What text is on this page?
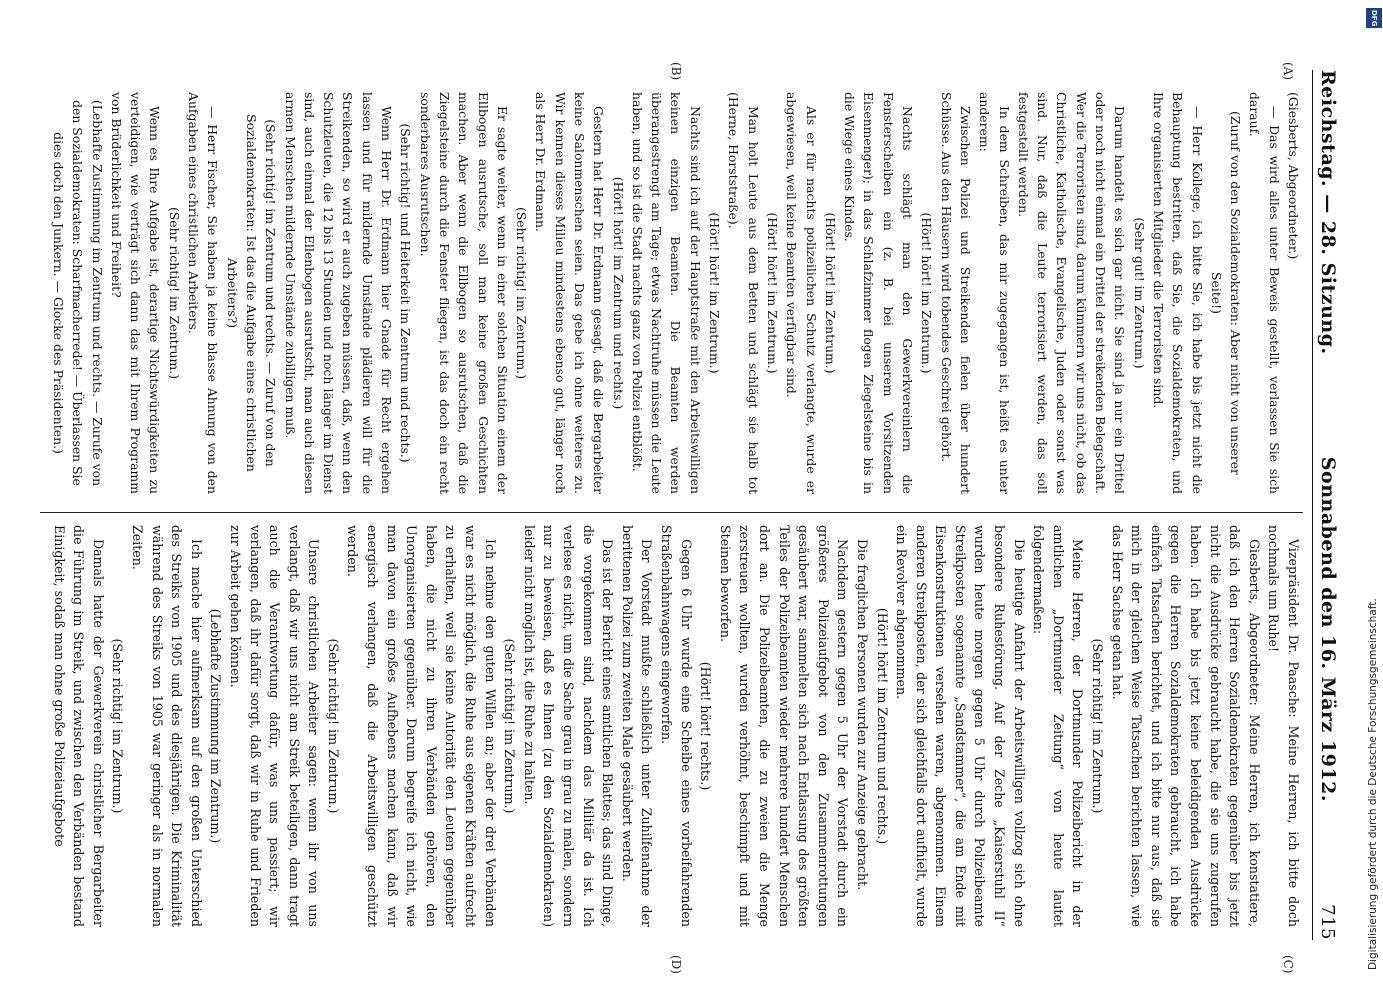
Reichstag. — 28. Sitzung.
Sonnabend den 16. März 1912.
715
(A)
(B)
(C)
(D)

(Giesberts, Abgeordneter.)

— Das wird alles unter Beweis gestellt, verlassen Sie sich darauf.

(Zuruf von den Sozialdemokraten: Aber nicht von unserer Seite!)

— Herr Kollege, ich bitte Sie, ich habe bis jetzt nicht die Behauptung bestritten, daß Sie, die Sozialdemokraten, und Ihre organisierten Mitglieder die Terroristen sind.

(Sehr gut! im Zentrum.)

Darum handelt es sich gar nicht. Sie sind ja nur ein Drittel oder noch nicht einmal ein Drittel der streikenden Belegschaft. Wer die Terroristen sind, darum kümmern wir uns nicht, ob das Christliche, Katholische, Evangelische, Juden oder sonst was sind. Nur, daß die Leute terrorisiert werden, das soll festgestellt werden.

In dem Schreiben, das mir zugegangen ist, heißt es unter anderem:

Zwischen Polizei und Streikenden fielen über hundert Schüsse. Aus den Häusern wird tobendes Geschrei gehört.

(Hört! hört! im Zentrum.)

Nachts schlägt man den Gewerkvereinlern die Fensterscheiben ein (z. B. bei unserem Vorsitzenden Eisenmenger); in das Schlafzimmer flogen Ziegelsteine bis in die Wiege eines Kindes.

(Hört! hört! im Zentrum.)

Als er für nachts polizeilichen Schutz verlangte, wurde er abgewiesen, weil keine Beamten verfügbar sind.

(Hört! hört! im Zentrum.)

Man holt Leute aus dem Betten und schlägt sie halb tot (Herne, Horststraße).

(Hört! hört! im Zentrum.)

Nachts sind ich auf der Hauptstraße mit den Arbeitswilligen keinen einzigen Beamten. Die Beamten werden überangestrengt am Tage; etwas Nachtruhe müssen die Leute haben, und so ist die Stadt nachts ganz von Polizei entblößt.

(Hört! hört! im Zentrum und rechts.)

Gestern hat Herr Dr. Erdmann gesagt, daß die Bergarbeiter keine Salonmenschen seien. Das gebe ich ohne weiteres zu. Wir kennen dieses Milieu mindestens ebenso gut, länger noch als Herr Dr. Erdmann.

(Sehr richtig! im Zentrum.)

Er sagte weiter, wenn in einer solchen Situation einem der Ellbogen ausrutsche, soll man keine großen Geschichten machen. Aber wenn die Ellbogen so ausrutschen, daß die Ziegelsteine durch die Fenster fliegen, ist das doch ein recht sonderbares Ausrutschen.

(Sehr richtig! und Heiterkeit im Zentrum und rechts.)

Wenn Herr Dr. Erdmann hier Gnade für Recht ergehen lassen und für mildernde Umstände plädieren will für die Streikenden, so wird er auch zugeben müssen, daß, wenn den Schutzleuten, die 12 bis 13 Stunden und noch länger im Dienst sind, auch einmal der Ellenbogen ausrutscht, man auch diesen armen Menschen mildernde Umstände zubilligen muß.

(Sehr richtig! im Zentrum und rechts. — Zuruf von den Sozialdemokraten: Ist das die Aufgabe eines christlichen Arbeiters?)

— Herr Fischer, Sie haben ja keine blasse Ahnung von den Aufgaben eines christlichen Arbeiters.

(Sehr richtig! im Zentrum.)

Wenn es Ihre Aufgabe ist, derartige Nichtswürdigkeiten zu verteidigen, wie verträgt sich dann das mit Ihrem Programm von Brüderlichkeit und Freiheit?

(Lebhafte Zustimmung im Zentrum und rechts. — Zurufe von den Sozialdemokraten: Scharfmacherrede! — Überlassen Sie dies doch den Junkern. — Glocke des Präsidenten.)

Vizepräsident Dr. Paasche: Meine Herren, ich bitte doch nochmals um Ruhe!

Giesberts, Abgeordneter: Meine Herren, ich konstatiere, daß ich den Herren Sozialdemokraten gegenüber bis jetzt nicht die Ausdrücke gebraucht habe, die sie uns zugerufen haben. Ich habe bis jetzt keine beleidigenden Ausdrücke gegen die Herren Sozialdemokraten gebraucht, ich habe einfach Tatsachen berichtet, und ich bitte nur aus, daß sie mich in der gleichen Weise Tatsachen berichten lassen, wie das Herr Sachse getan hat.

(Sehr richtig! im Zentrum.)

Meine Herren, der Dortmunder Polizeibericht in der amtlichen „Dortmunder Zeitung“ von heute lautet folgendermaßen:

Die heutige Anfahrt der Arbeitswilligen vollzog sich ohne besondere Ruhestörung. Auf der Zeche „Kaiserstuhl II“ wurden heute morgen gegen 5 Uhr durch Polizeibeamte Streikposten sogenannte „Sandstammer“, die am Ende mit Eisenkonstruktionen versehen waren, abgenommen. Einem anderen Streikposten, der sich gleichfalls dort aufhielt, wurde ein Revolver abgenommen.

(Hört! hört! im Zentrum und rechts.)

Die fraglichen Personen wurden zur Anzeige gebracht.

Nachdem gestern gegen 5 Uhr der Vorstadt durch ein größeres Polizeiaufgebot von den Zusammenrottungen gesäubert war, sammelten sich nach Entlassung des größten Teiles der Polizeibeamten wieder mehrere hundert Menschen dort an. Die Polizeibeamten, die zu zweien die Menge zerstreuen wollten, wurden verhöhnt, beschimpft und mit Steinen beworfen.

(Hört! hört! rechts.)

Gegen 6 Uhr wurde eine Scheibe eines vorbeifahrenden Straßenbahnwagens eingeworfen.

Der Vorstadt mußte schließlich unter Zuhilfenahme der berittenen Polizei zum zweiten Male gesäubert werden.

Das ist der Bericht eines amtlichen Blattes; das sind Dinge, die vorgekommen sind, nachdem das Militär da ist. Ich verlese es nicht, um die Sache grau in grau zu malen, sondern nur zu beweisen, daß es Ihnen (zu den Sozialdemokraten) leider nicht möglich ist, die Ruhe zu halten.

(Sehr richtig! im Zentrum.)

Ich nehme den guten Willen an; aber der drei Verbänden war es nicht möglich, die Ruhe aus eigenen Kräften aufrecht zu erhalten, weil sie keine Autorität den Leuten gegenüber haben, die nicht zu ihren Verbänden gehören, den Unorganisierten gegenüber. Darum begreife ich nicht, wie man davon ein großes Aufhebens machen kann, daß wir energisch verlangen, daß die Arbeitswilligen geschützt werden.

(Sehr richtig! im Zentrum.)

Unsere christlichen Arbeiter sagen: wenn ihr von uns verlangt, daß wir uns nicht am Streik beteiligen, dann tragt auch die Verantwortung dafür, was uns passiert; wir verlangen, daß ihr dafür sorgt, daß wir in Ruhe und Frieden zur Arbeit gehen können.

(Lebhafte Zustimmung im Zentrum.)

Ich mache hier aufmerksam auf den großen Unterschied des Streiks von 1905 und des diesjährigen. Die Kriminalität während des Streiks von 1905 war geringer als in normalen Zeiten.

(Sehr richtig! im Zentrum.)

Damals hatte der Gewerkverein christlicher Bergarbeiter die Führung im Streik, und zwischen den Verbänden bestand Einigkeit, sodaß man ohne große Polizeiaufgebote

DFG
Digitalisierung gefördert durch die Deutsche Forschungsgemeinschaft.
